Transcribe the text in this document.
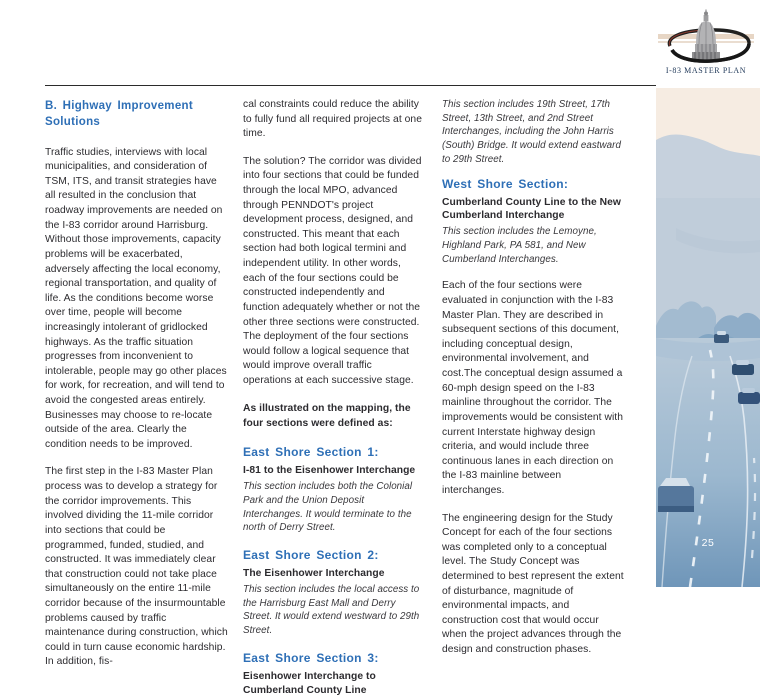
I-83 MASTER PLAN
B. Highway Improvement Solutions

Traffic studies, interviews with local municipalities, and consideration of TSM, ITS, and transit strategies have all resulted in the conclusion that roadway improvements are needed on the I-83 corridor around Harrisburg. Without those improvements, capacity problems will be exacerbated, adversely affecting the local economy, regional transportation, and quality of life. As the conditions become worse over time, people will become increasingly intolerant of gridlocked highways. As the traffic situation progresses from inconvenient to intolerable, people may go other places for work, for recreation, and will tend to avoid the congested areas entirely. Businesses may choose to re-locate outside of the area. Clearly the condition needs to be improved.

The first step in the I-83 Master Plan process was to develop a strategy for the corridor improvements. This involved dividing the 11-mile corridor into sections that could be programmed, funded, studied, and constructed. It was immediately clear that construction could not take place simultaneously on the entire 11-mile corridor because of the insurmountable problems caused by traffic maintenance during construction, which could in turn cause economic hardship. In addition, fis-

cal constraints could reduce the ability to fully fund all required projects at one time.

The solution? The corridor was divided into four sections that could be funded through the local MPO, advanced through PENNDOT's project development process, designed, and constructed. This meant that each section had both logical termini and independent utility. In other words, each of the four sections could be constructed independently and function adequately whether or not the other three sections were constructed. The deployment of the four sections would follow a logical sequence that would improve overall traffic operations at each successive stage.

As illustrated on the mapping, the four sections were defined as:

East Shore Section 1:
I-81 to the Eisenhower Interchange
This section includes both the Colonial Park and the Union Deposit Interchanges. It would terminate to the north of Derry Street.
East Shore Section 2:
The Eisenhower Interchange
This section includes the local access to the Harrisburg East Mall and Derry Street. It would extend westward to 29th Street.
East Shore Section 3:
Eisenhower Interchange to Cumberland County Line
This section includes 19th Street, 17th Street, 13th Street, and 2nd Street Interchanges, including the John Harris (South) Bridge. It would extend eastward to 29th Street.
West Shore Section:
Cumberland County Line to the New Cumberland Interchange
This section includes the Lemoyne, Highland Park, PA 581, and New Cumberland Interchanges.

Each of the four sections were evaluated in conjunction with the I-83 Master Plan. They are described in subsequent sections of this document, including conceptual design, environmental involvement, and cost.The conceptual design assumed a 60-mph design speed on the I-83 mainline throughout the corridor. The improvements would be consistent with current Interstate highway design criteria, and would include three continuous lanes in each direction on the I-83 mainline between interchanges.

The engineering design for the Study Concept for each of the four sections was completed only to a conceptual level. The Study Concept was determined to best represent the extent of disturbance, magnitude of environmental impacts, and construction cost that would occur when the project advances through the design and construction phases.

25
